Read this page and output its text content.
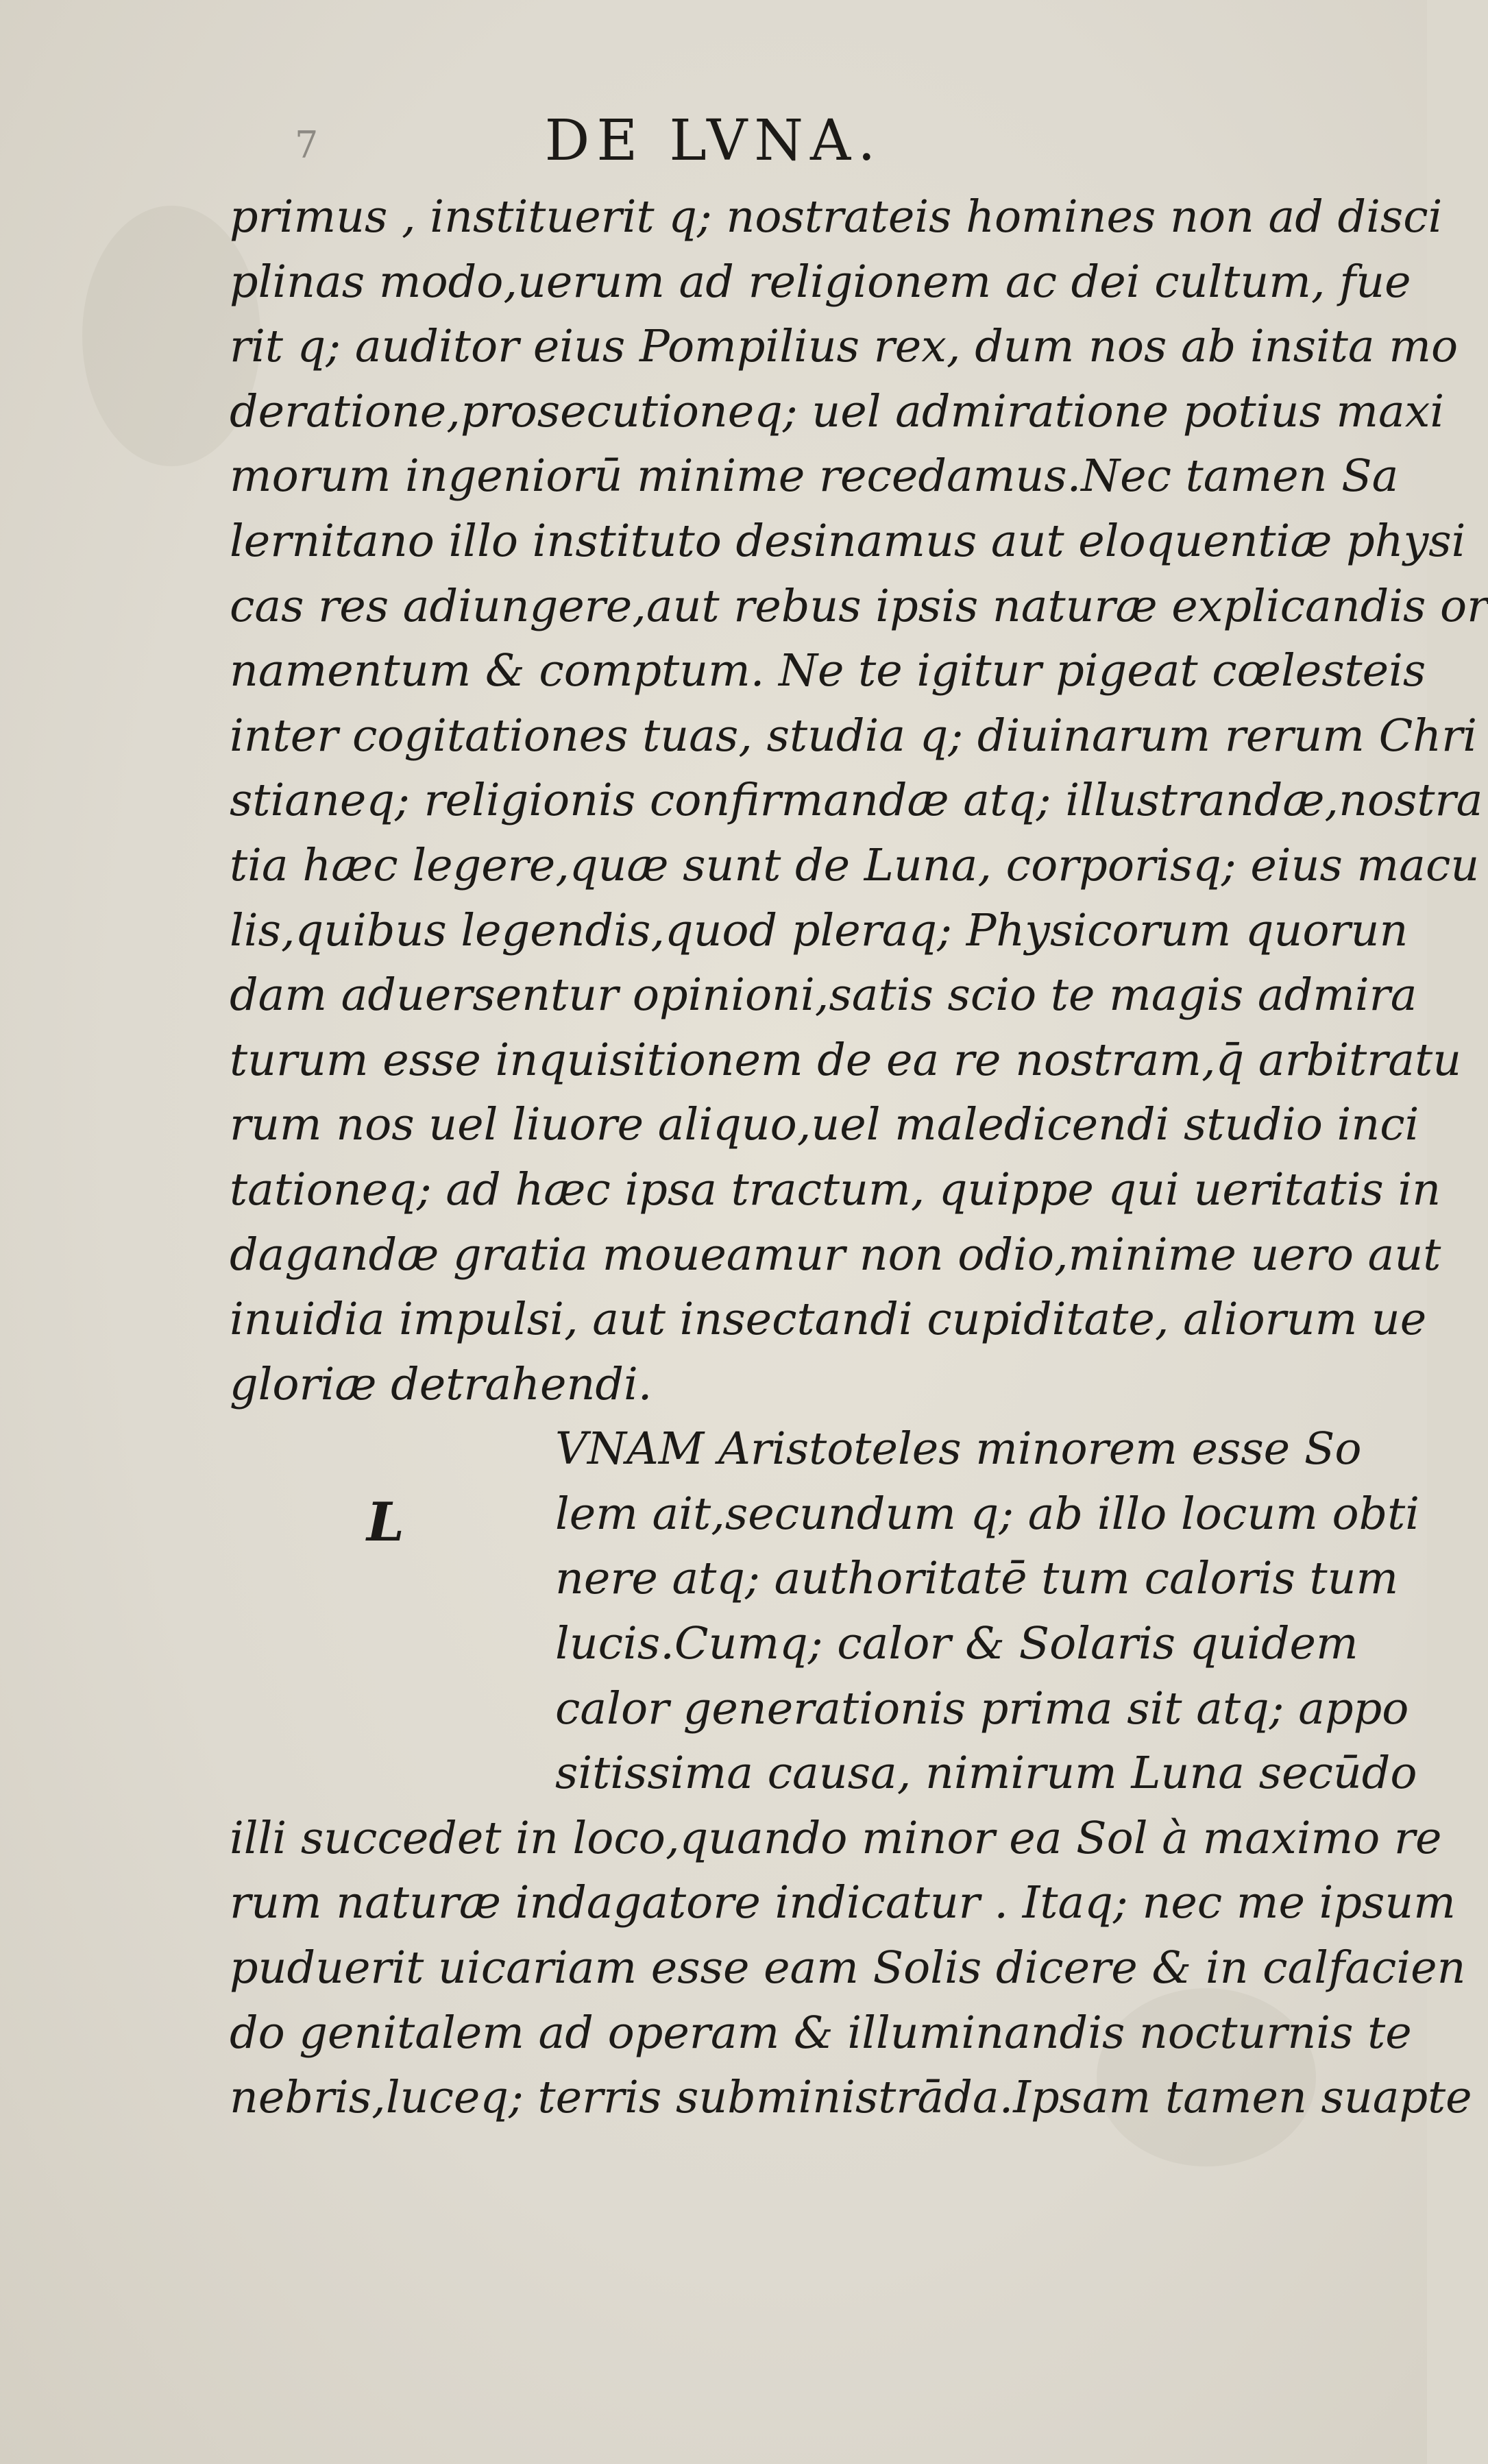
7	DE LVNA.
primus , instituerit q; nostrateis homines non ad disci
plinas modo,uerum ad religionem ac dei cultum, fue
rit q; auditor eius Pompilius rex, dum nos ab insita mo
deratione,prosecutioneq; uel admiratione potius maxi
morum ingeniorū minime recedamus.Nec tamen Sa
lernitano illo instituto desinamus aut eloquentiæ physi
cas res adiungere,aut rebus ipsis naturæ explicandis or
namentum & comptum. Ne te igitur pigeat cœlesteis
inter cogitationes tuas, studia q; diuinarum rerum Chri
stianeq; religionis confirmandæ atq; illustrandæ,nostra
tia hæc legere,quæ sunt de Luna, corporisq; eius macu
lis,quibus legendis,quod pleraq; Physicorum quorun
dam aduersentur opinioni,satis scio te magis admira
turum esse inquisitionem de ea re nostram,q̄ arbitratu
rum nos uel liuore aliquo,uel maledicendi studio inci
tationeq; ad hæc ipsa tractum, quippe qui ueritatis in
dagandæ gratia moueamur non odio,minime uero aut
inuidia impulsi, aut insectandi cupiditate, aliorum ue
gloriæ detrahendi.
VNAM Aristoteles minorem esse So
lem ait,secundum q; ab illo locum obti
nere atq; authoritatē tum caloris tum
lucis.Cumq; calor & Solaris quidem
calor generationis prima sit atq; appo
sitissima causa, nimirum Luna secūdo
illi succedet in loco,quando minor ea Sol à maximo re
rum naturæ indagatore indicatur . Itaq; nec me ipsum
puduerit uicariam esse eam Solis dicere & in calfacien
do genitalem ad operam & illuminandis nocturnis te
nebris,luceq; terris subministrāda.Ipsam tamen suapte
L
